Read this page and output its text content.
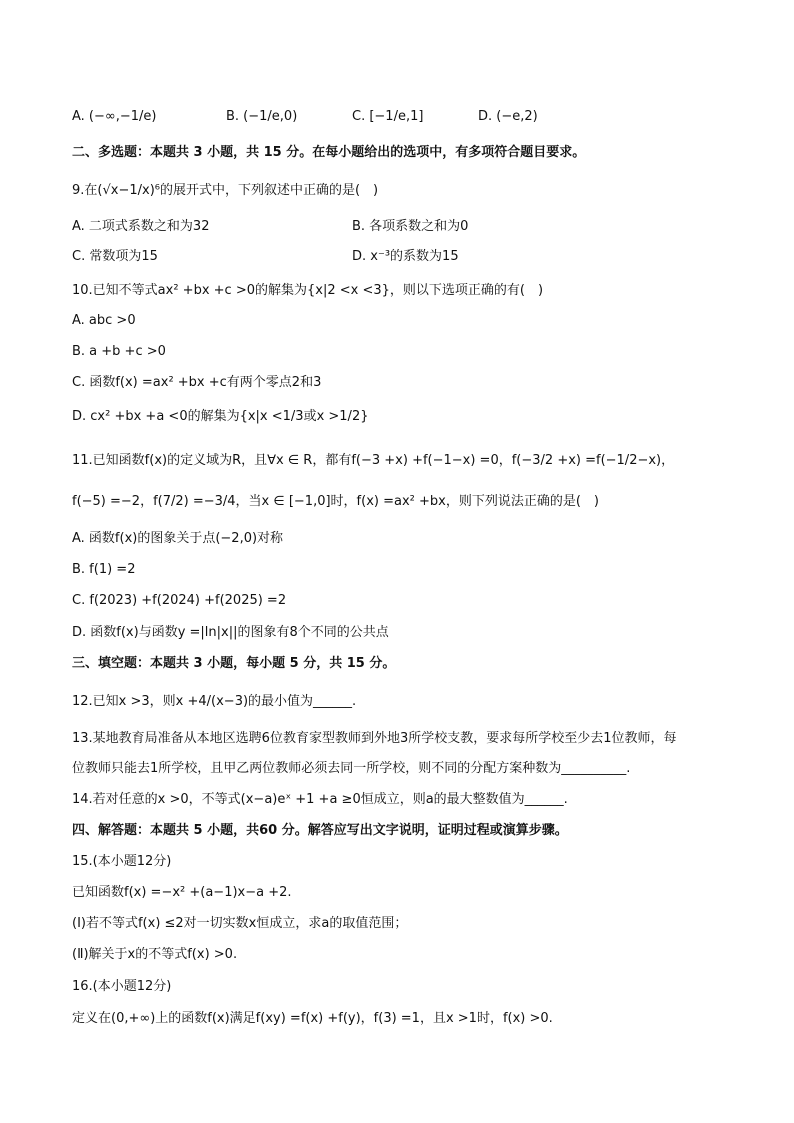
A. (−∞,−1/e)	B. (−1/e,0)	C. [−1/e,1]	D. (−e,2)
二、多选题：本题共 3 小题，共 15 分。在每小题给出的选项中，有多项符合题目要求。
9.在(√x−1/x)⁶的展开式中，下列叙述中正确的是(　)
A. 二项式系数之和为32	B. 各项系数之和为0
C. 常数项为15	D. x⁻³的系数为15
10.已知不等式ax² +bx +c >0的解集为{x|2 <x <3}，则以下选项正确的有(　)
A. abc >0
B. a +b +c >0
C. 函数f(x) =ax² +bx +c有两个零点2和3
D. cx² +bx +a <0的解集为{x|x <1/3或x >1/2}
11.已知函数f(x)的定义域为R，且∀x ∈ R，都有f(−3 +x) +f(−1−x) =0，f(−3/2 +x) =f(−1/2−x)，
f(−5) =−2，f(7/2) =−3/4，当x ∈ [−1,0]时，f(x) =ax² +bx，则下列说法正确的是(　)
A. 函数f(x)的图象关于点(−2,0)对称
B. f(1) =2
C. f(2023) +f(2024) +f(2025) =2
D. 函数f(x)与函数y =|ln|x||的图象有8个不同的公共点
三、填空题：本题共 3 小题，每小题 5 分，共 15 分。
12.已知x >3，则x +4/(x−3)的最小值为______.
13.某地教育局准备从本地区选聘6位教育家型教师到外地3所学校支教，要求每所学校至少去1位教师，每
位教师只能去1所学校，且甲乙两位教师必须去同一所学校，则不同的分配方案种数为__________.
14.若对任意的x >0，不等式(x−a)eˣ +1 +a ≥0恒成立，则a的最大整数值为______.
四、解答题：本题共 5 小题，共60 分。解答应写出文字说明，证明过程或演算步骤。
15.(本小题12分)
已知函数f(x) =−x² +(a−1)x−a +2.
(Ⅰ)若不等式f(x) ≤2对一切实数x恒成立，求a的取值范围；
(Ⅱ)解关于x的不等式f(x) >0.
16.(本小题12分)
定义在(0,+∞)上的函数f(x)满足f(xy) =f(x) +f(y)，f(3) =1，且x >1时，f(x) >0.
